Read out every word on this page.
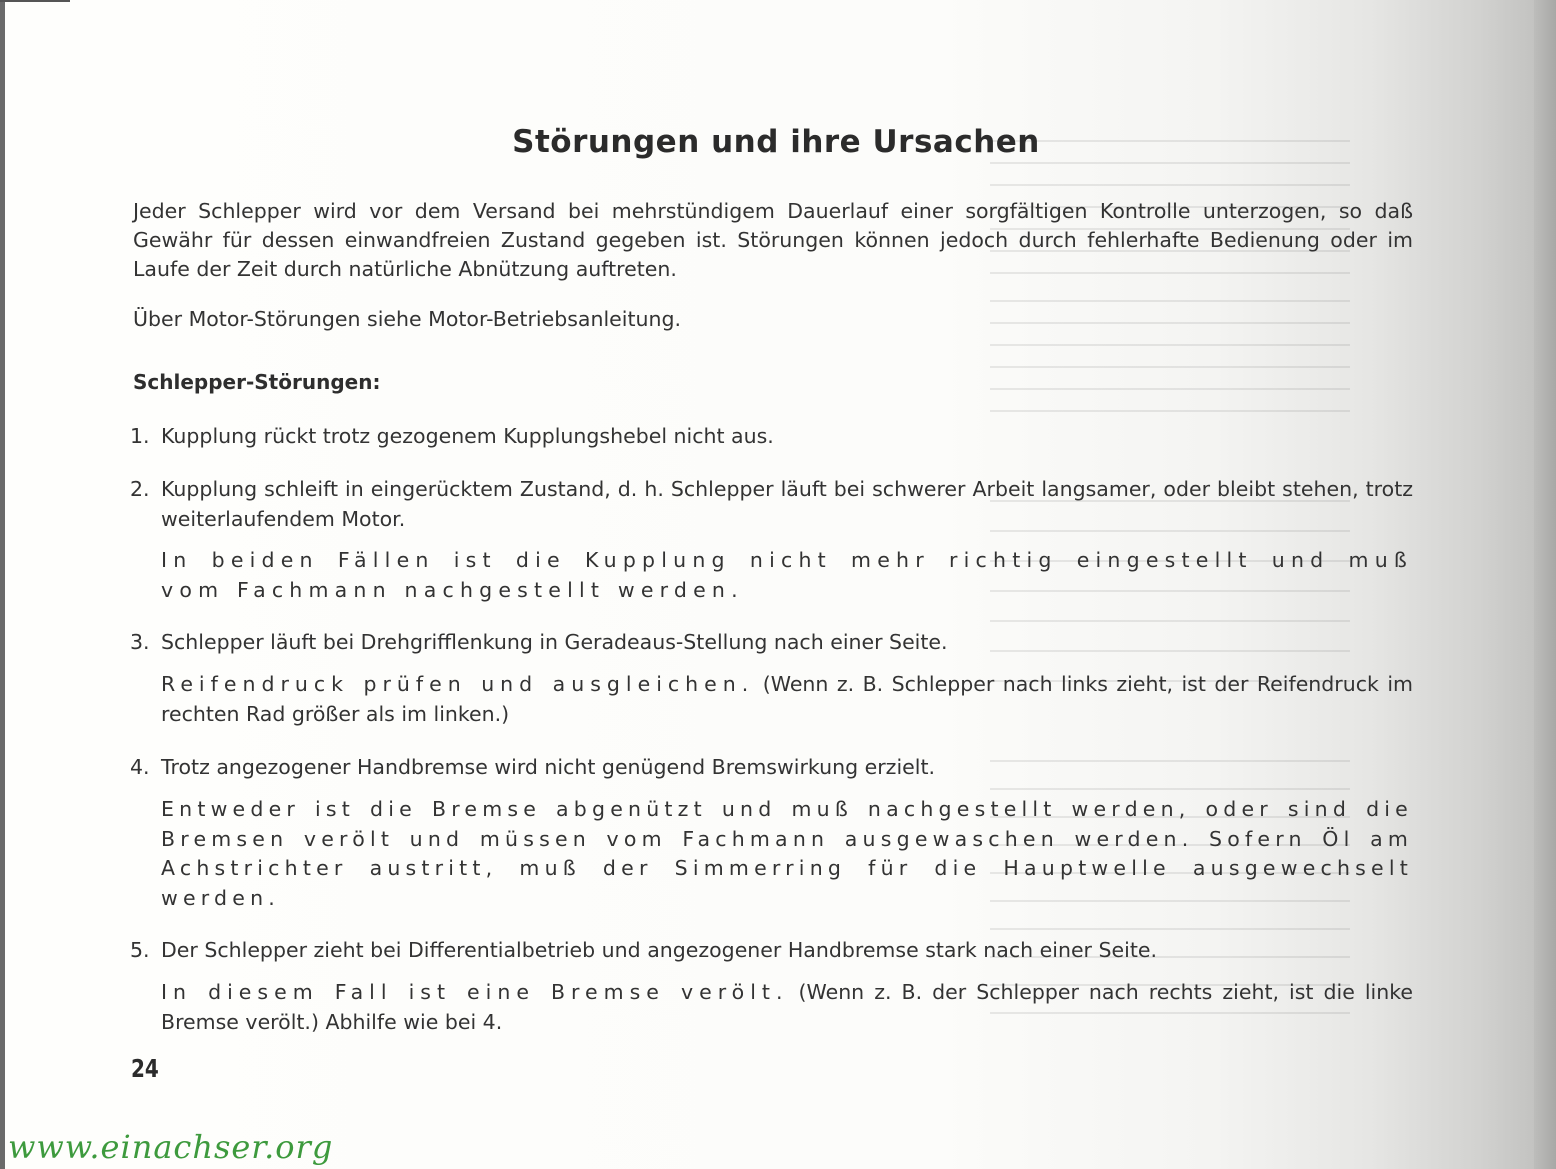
Störungen und ihre Ursachen
Jeder Schlepper wird vor dem Versand bei mehrstündigem Dauerlauf einer sorgfältigen Kontrolle unterzogen, so daß Gewähr für dessen einwandfreien Zustand gegeben ist. Störungen können jedoch durch fehlerhafte Bedienung oder im Laufe der Zeit durch natürliche Abnützung auftreten.
Über Motor-Störungen siehe Motor-Betriebsanleitung.
Schlepper-Störungen:
1. Kupplung rückt trotz gezogenem Kupplungshebel nicht aus.
2. Kupplung schleift in eingerücktem Zustand, d. h. Schlepper läuft bei schwerer Arbeit langsamer, oder bleibt stehen, trotz weiterlaufendem Motor.
In beiden Fällen ist die Kupplung nicht mehr richtig eingestellt und muß vom Fachmann nachgestellt werden.
3. Schlepper läuft bei Drehgrifflenkung in Geradeaus-Stellung nach einer Seite.
Reifendruck prüfen und ausgleichen. (Wenn z. B. Schlepper nach links zieht, ist der Reifendruck im rechten Rad größer als im linken.)
4. Trotz angezogener Handbremse wird nicht genügend Bremswirkung erzielt.
Entweder ist die Bremse abgenützt und muß nachgestellt werden, oder sind die Bremsen verölt und müssen vom Fachmann ausgewaschen werden. Sofern Öl am Achstrichter austritt, muß der Simmerring für die Hauptwelle ausgewechselt werden.
5. Der Schlepper zieht bei Differentialbetrieb und angezogener Handbremse stark nach einer Seite.
In diesem Fall ist eine Bremse verölt. (Wenn z. B. der Schlepper nach rechts zieht, ist die linke Bremse verölt.) Abhilfe wie bei 4.
24
www.einachser.org
